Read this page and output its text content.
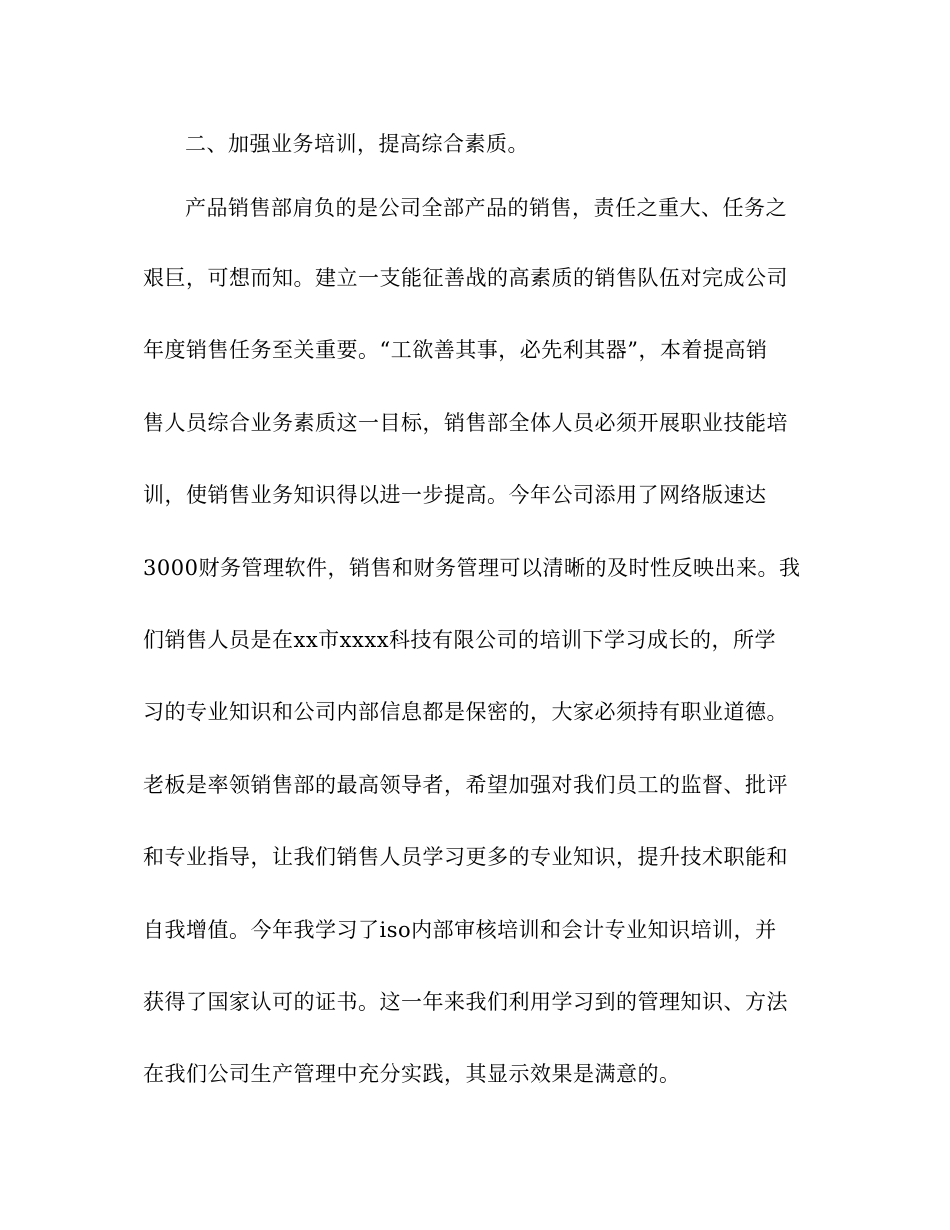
二、加强业务培训，提高综合素质。
产品销售部肩负的是公司全部产品的销售，责任之重大、任务之
艰巨，可想而知。建立一支能征善战的高素质的销售队伍对完成公司
年度销售任务至关重要。“工欲善其事，必先利其器”，本着提高销
售人员综合业务素质这一目标，销售部全体人员必须开展职业技能培
训，使销售业务知识得以进一步提高。今年公司添用了网络版速达
3000财务管理软件，销售和财务管理可以清晰的及时性反映出来。我
们销售人员是在xx市xxxx科技有限公司的培训下学习成长的，所学
习的专业知识和公司内部信息都是保密的，大家必须持有职业道德。
老板是率领销售部的最高领导者，希望加强对我们员工的监督、批评
和专业指导，让我们销售人员学习更多的专业知识，提升技术职能和
自我增值。今年我学习了iso内部审核培训和会计专业知识培训，并
获得了国家认可的证书。这一年来我们利用学习到的管理知识、方法
在我们公司生产管理中充分实践，其显示效果是满意的。
